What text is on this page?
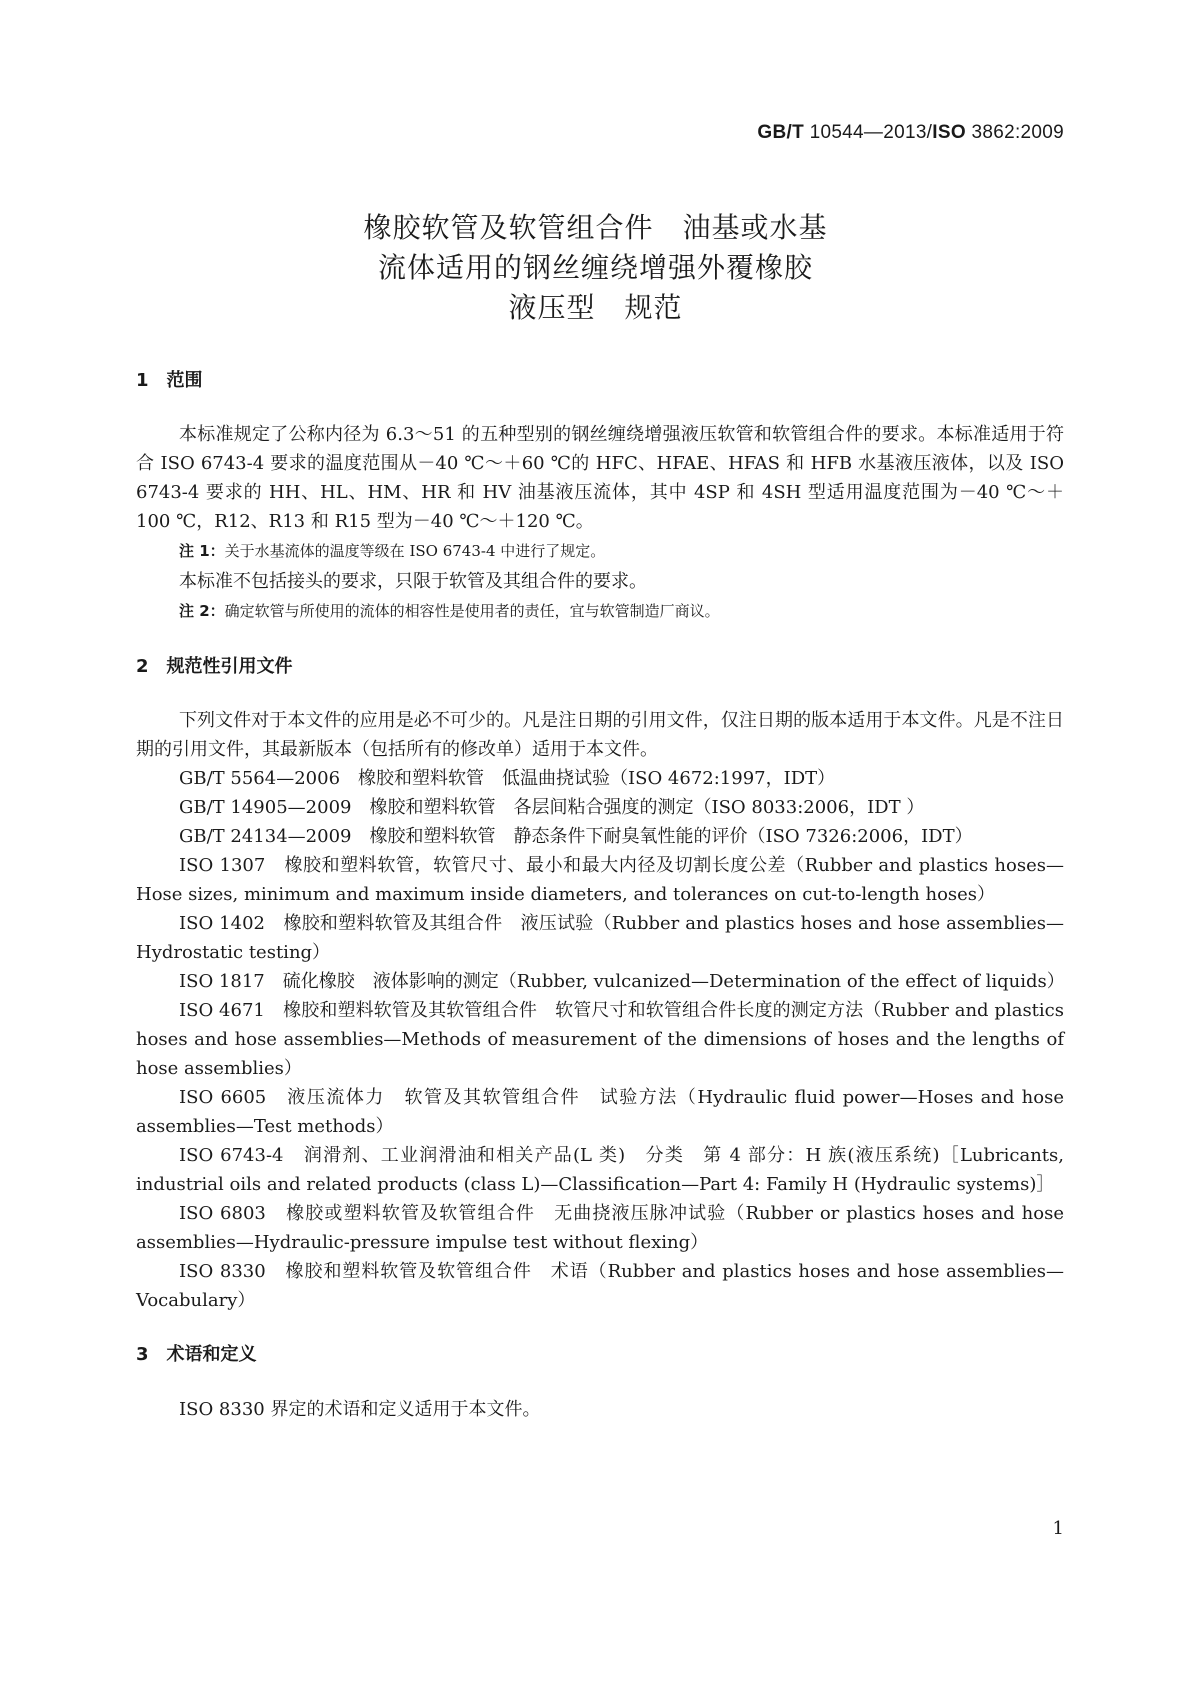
GB/T 10544—2013/ISO 3862:2009
橡胶软管及软管组合件　油基或水基
流体适用的钢丝缠绕增强外覆橡胶
液压型　规范
1　范围

本标准规定了公称内径为 6.3～51 的五种型别的钢丝缠绕增强液压软管和软管组合件的要求。本标准适用于符合 ISO 6743-4 要求的温度范围从－40 ℃～＋60 ℃的 HFC、HFAE、HFAS 和 HFB 水基液压液体，以及 ISO 6743-4 要求的 HH、HL、HM、HR 和 HV 油基液压流体，其中 4SP 和 4SH 型适用温度范围为－40 ℃～＋100 ℃，R12、R13 和 R15 型为－40 ℃～＋120 ℃。

注 1：关于水基流体的温度等级在 ISO 6743-4 中进行了规定。

本标准不包括接头的要求，只限于软管及其组合件的要求。

注 2：确定软管与所使用的流体的相容性是使用者的责任，宜与软管制造厂商议。

2　规范性引用文件

下列文件对于本文件的应用是必不可少的。凡是注日期的引用文件，仅注日期的版本适用于本文件。凡是不注日期的引用文件，其最新版本（包括所有的修改单）适用于本文件。

GB/T 5564—2006　橡胶和塑料软管　低温曲挠试验（ISO 4672:1997，IDT）

GB/T 14905—2009　橡胶和塑料软管　各层间粘合强度的测定（ISO 8033:2006，IDT ）

GB/T 24134—2009　橡胶和塑料软管　静态条件下耐臭氧性能的评价（ISO 7326:2006，IDT）

ISO 1307　橡胶和塑料软管，软管尺寸、最小和最大内径及切割长度公差（Rubber and plastics hoses—Hose sizes, minimum and maximum inside diameters, and tolerances on cut-to-length hoses）

ISO 1402　橡胶和塑料软管及其组合件　液压试验（Rubber and plastics hoses and hose assemblies—Hydrostatic testing）

ISO 1817　硫化橡胶　液体影响的测定（Rubber, vulcanized—Determination of the effect of liquids）

ISO 4671　橡胶和塑料软管及其软管组合件　软管尺寸和软管组合件长度的测定方法（Rubber and plastics hoses and hose assemblies—Methods of measurement of the dimensions of hoses and the lengths of hose assemblies）

ISO 6605　液压流体力　软管及其软管组合件　试验方法（Hydraulic fluid power—Hoses and hose assemblies—Test methods）

ISO 6743-4　润滑剂、工业润滑油和相关产品(L 类)　分类　第 4 部分：H 族(液压系统)［Lubricants, industrial oils and related products (class L)—Classification—Part 4: Family H (Hydraulic systems)］

ISO 6803　橡胶或塑料软管及软管组合件　无曲挠液压脉冲试验（Rubber or plastics hoses and hose assemblies—Hydraulic-pressure impulse test without flexing）

ISO 8330　橡胶和塑料软管及软管组合件　术语（Rubber and plastics hoses and hose assemblies—Vocabulary）

3　术语和定义

ISO 8330 界定的术语和定义适用于本文件。

1
